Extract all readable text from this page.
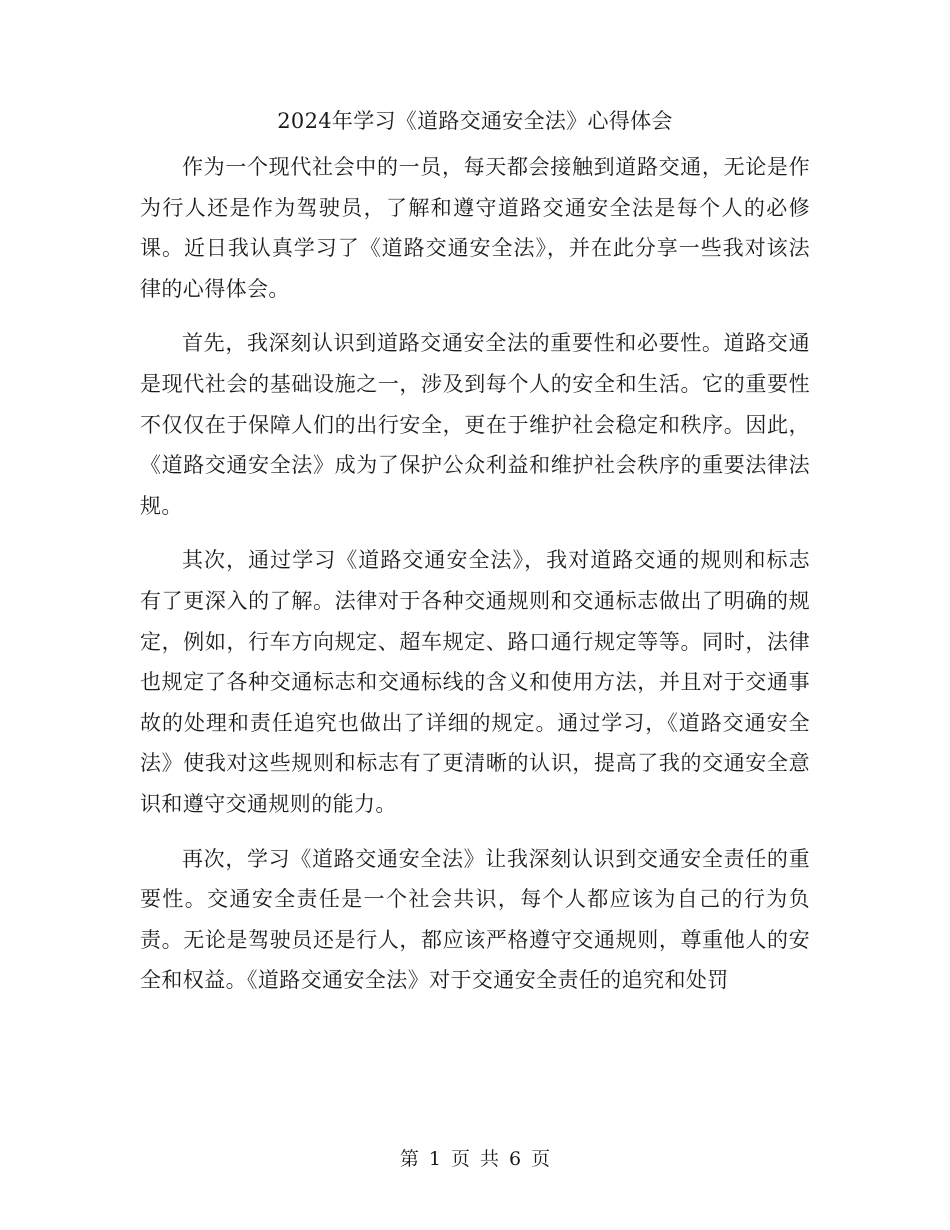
2024年学习《道路交通安全法》心得体会

作为一个现代社会中的一员，每天都会接触到道路交通，无论是作为行人还是作为驾驶员，了解和遵守道路交通安全法是每个人的必修课。近日我认真学习了《道路交通安全法》，并在此分享一些我对该法律的心得体会。

首先，我深刻认识到道路交通安全法的重要性和必要性。道路交通是现代社会的基础设施之一，涉及到每个人的安全和生活。它的重要性不仅仅在于保障人们的出行安全，更在于维护社会稳定和秩序。因此，《道路交通安全法》成为了保护公众利益和维护社会秩序的重要法律法规。

其次，通过学习《道路交通安全法》，我对道路交通的规则和标志有了更深入的了解。法律对于各种交通规则和交通标志做出了明确的规定，例如，行车方向规定、超车规定、路口通行规定等等。同时，法律也规定了各种交通标志和交通标线的含义和使用方法，并且对于交通事故的处理和责任追究也做出了详细的规定。通过学习，《道路交通安全法》使我对这些规则和标志有了更清晰的认识，提高了我的交通安全意识和遵守交通规则的能力。

再次，学习《道路交通安全法》让我深刻认识到交通安全责任的重要性。交通安全责任是一个社会共识，每个人都应该为自己的行为负责。无论是驾驶员还是行人，都应该严格遵守交通规则，尊重他人的安全和权益。《道路交通安全法》对于交通安全责任的追究和处罚

第 1 页 共 6 页
